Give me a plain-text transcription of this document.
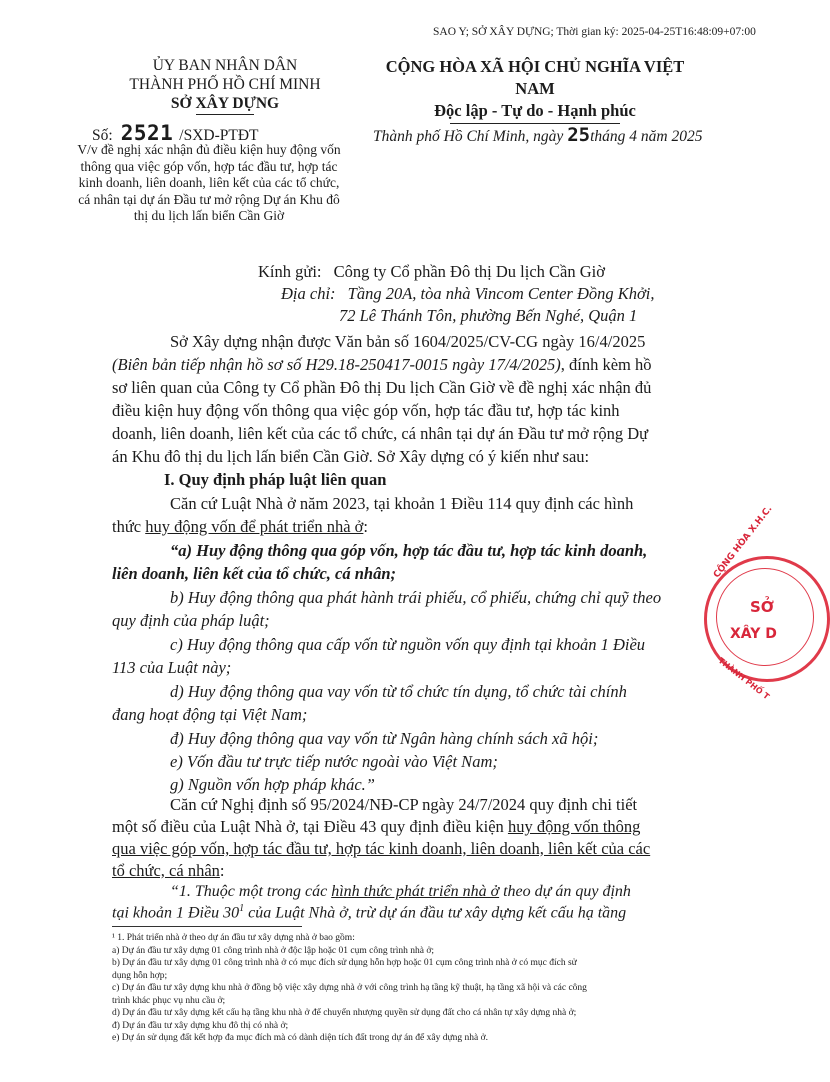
SAO Y; SỞ XÂY DỰNG; Thời gian ký: 2025-04-25T16:48:09+07:00
ỦY BAN NHÂN DÂN
THÀNH PHỐ HỒ CHÍ MINH
SỞ XÂY DỰNG
CỘNG HÒA XÃ HỘI CHỦ NGHĨA VIỆT NAM
Độc lập - Tự do - Hạnh phúc
Số: 2521 /SXD-PTĐT
V/v đề nghị xác nhận đủ điều kiện huy động vốn
thông qua việc góp vốn, hợp tác đầu tư, hợp tác
kinh doanh, liên doanh, liên kết của các tổ chức,
cá nhân tại dự án Đầu tư mở rộng Dự án Khu đô
thị du lịch lấn biển Cần Giờ
Thành phố Hồ Chí Minh, ngày 25tháng 4 năm 2025
Kính gửi: Công ty Cổ phần Đô thị Du lịch Cần Giờ
Địa chỉ: Tầng 20A, tòa nhà Vincom Center Đồng Khởi,
72 Lê Thánh Tôn, phường Bến Nghé, Quận 1
Sở Xây dựng nhận được Văn bản số 1604/2025/CV-CG ngày 16/4/2025
(Biên bản tiếp nhận hồ sơ số H29.18-250417-0015 ngày 17/4/2025), đính kèm hồ
sơ liên quan của Công ty Cổ phần Đô thị Du lịch Cần Giờ về đề nghị xác nhận đủ
điều kiện huy động vốn thông qua việc góp vốn, hợp tác đầu tư, hợp tác kinh
doanh, liên doanh, liên kết của các tổ chức, cá nhân tại dự án Đầu tư mở rộng Dự
án Khu đô thị du lịch lấn biển Cần Giờ. Sở Xây dựng có ý kiến như sau:
I. Quy định pháp luật liên quan
Căn cứ Luật Nhà ở năm 2023, tại khoản 1 Điều 114 quy định các hình
thức huy động vốn để phát triển nhà ở:
“a) Huy động thông qua góp vốn, hợp tác đầu tư, hợp tác kinh doanh,
liên doanh, liên kết của tổ chức, cá nhân;
b) Huy động thông qua phát hành trái phiếu, cổ phiếu, chứng chỉ quỹ theo
quy định của pháp luật;
c) Huy động thông qua cấp vốn từ nguồn vốn quy định tại khoản 1 Điều
113 của Luật này;
d) Huy động thông qua vay vốn từ tổ chức tín dụng, tổ chức tài chính
đang hoạt động tại Việt Nam;
đ) Huy động thông qua vay vốn từ Ngân hàng chính sách xã hội;
e) Vốn đầu tư trực tiếp nước ngoài vào Việt Nam;
g) Nguồn vốn hợp pháp khác.”
Căn cứ Nghị định số 95/2024/NĐ-CP ngày 24/7/2024 quy định chi tiết
một số điều của Luật Nhà ở, tại Điều 43 quy định điều kiện huy động vốn thông
qua việc góp vốn, hợp tác đầu tư, hợp tác kinh doanh, liên doanh, liên kết của các
tổ chức, cá nhân:
“1. Thuộc một trong các hình thức phát triển nhà ở theo dự án quy định
¹ 1. Phát triển nhà ở theo dự án đầu tư xây dựng nhà ở bao gồm:
a) Dự án đầu tư xây dựng 01 công trình nhà ở độc lập hoặc 01 cụm công trình nhà ở;
b) Dự án đầu tư xây dựng 01 công trình nhà ở có mục đích sử dụng hỗn hợp hoặc 01 cụm công trình nhà ở có mục đích sử
dụng hỗn hợp;
c) Dự án đầu tư xây dựng khu nhà ở đồng bộ việc xây dựng nhà ở với công trình hạ tầng kỹ thuật, hạ tầng xã hội và các công
trình khác phục vụ nhu cầu ở;
d) Dự án đầu tư xây dựng kết cấu hạ tầng khu nhà ở để chuyển nhượng quyền sử dụng đất cho cá nhân tự xây dựng nhà ở;
đ) Dự án đầu tư xây dựng khu đô thị có nhà ở;
e) Dự án sử dụng đất kết hợp đa mục đích mà có dành diện tích đất trong dự án để xây dựng nhà ở.
CỘNG HÒA X.H.C.
SỞ
XÂY D
THÀNH PHỐ T
tại khoản 1 Điều $30^1$ của Luật Nhà ở, trừ dự án đầu tư xây dựng kết cấu hạ tầng
